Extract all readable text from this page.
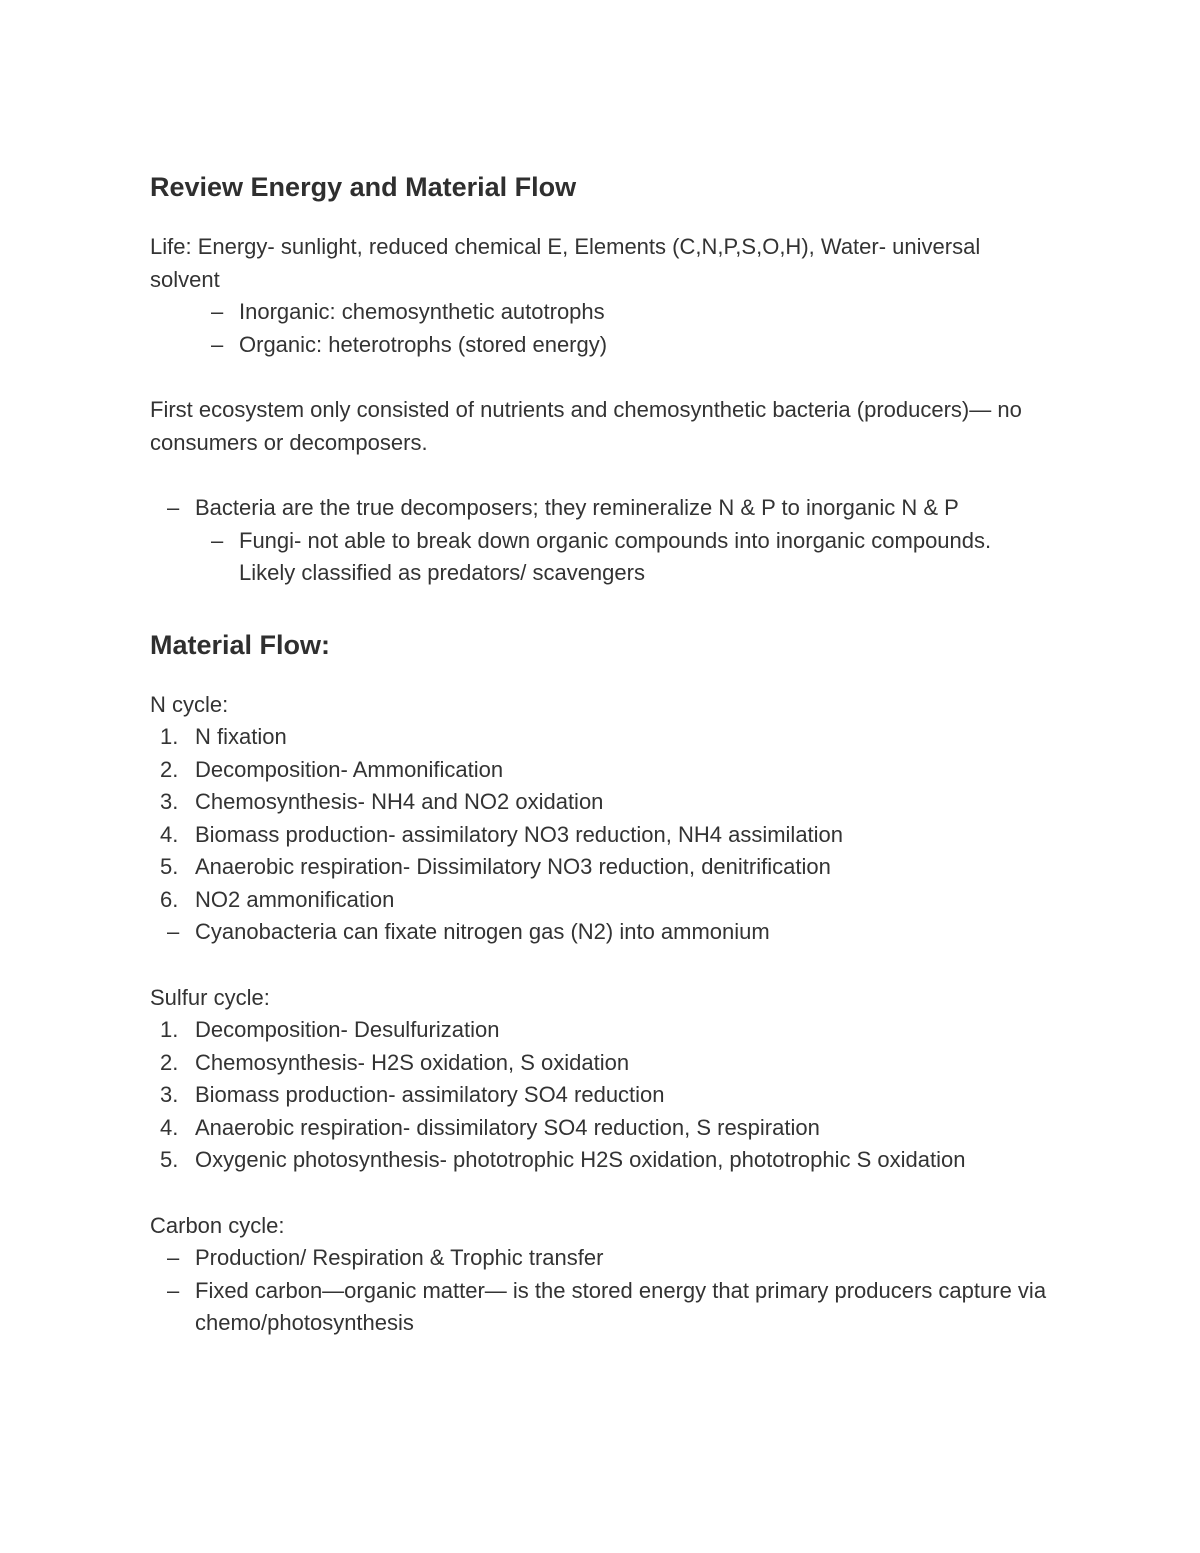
Review Energy and Material Flow

Life: Energy- sunlight, reduced chemical E, Elements (C,N,P,S,O,H), Water- universal solvent

– Inorganic: chemosynthetic autotrophs
– Organic: heterotrophs (stored energy)

First ecosystem only consisted of nutrients and chemosynthetic bacteria (producers)— no consumers or decomposers.

– Bacteria are the true decomposers; they remineralize N & P to inorganic N & P
– Fungi- not able to break down organic compounds into inorganic compounds. Likely classified as predators/ scavengers
Material Flow:

N cycle:

1. N fixation
2. Decomposition- Ammonification
3. Chemosynthesis- NH4 and NO2 oxidation
4. Biomass production- assimilatory NO3 reduction, NH4 assimilation
5. Anaerobic respiration- Dissimilatory NO3 reduction, denitrification
6. NO2 ammonification
– Cyanobacteria can fixate nitrogen gas (N2) into ammonium

Sulfur cycle:

1. Decomposition- Desulfurization
2. Chemosynthesis- H2S oxidation, S oxidation
3. Biomass production- assimilatory SO4 reduction
4. Anaerobic respiration- dissimilatory SO4 reduction, S respiration
5. Oxygenic photosynthesis- phototrophic H2S oxidation, phototrophic S oxidation

Carbon cycle:

– Production/ Respiration & Trophic transfer
– Fixed carbon—organic matter— is the stored energy that primary producers capture via chemo/photosynthesis
